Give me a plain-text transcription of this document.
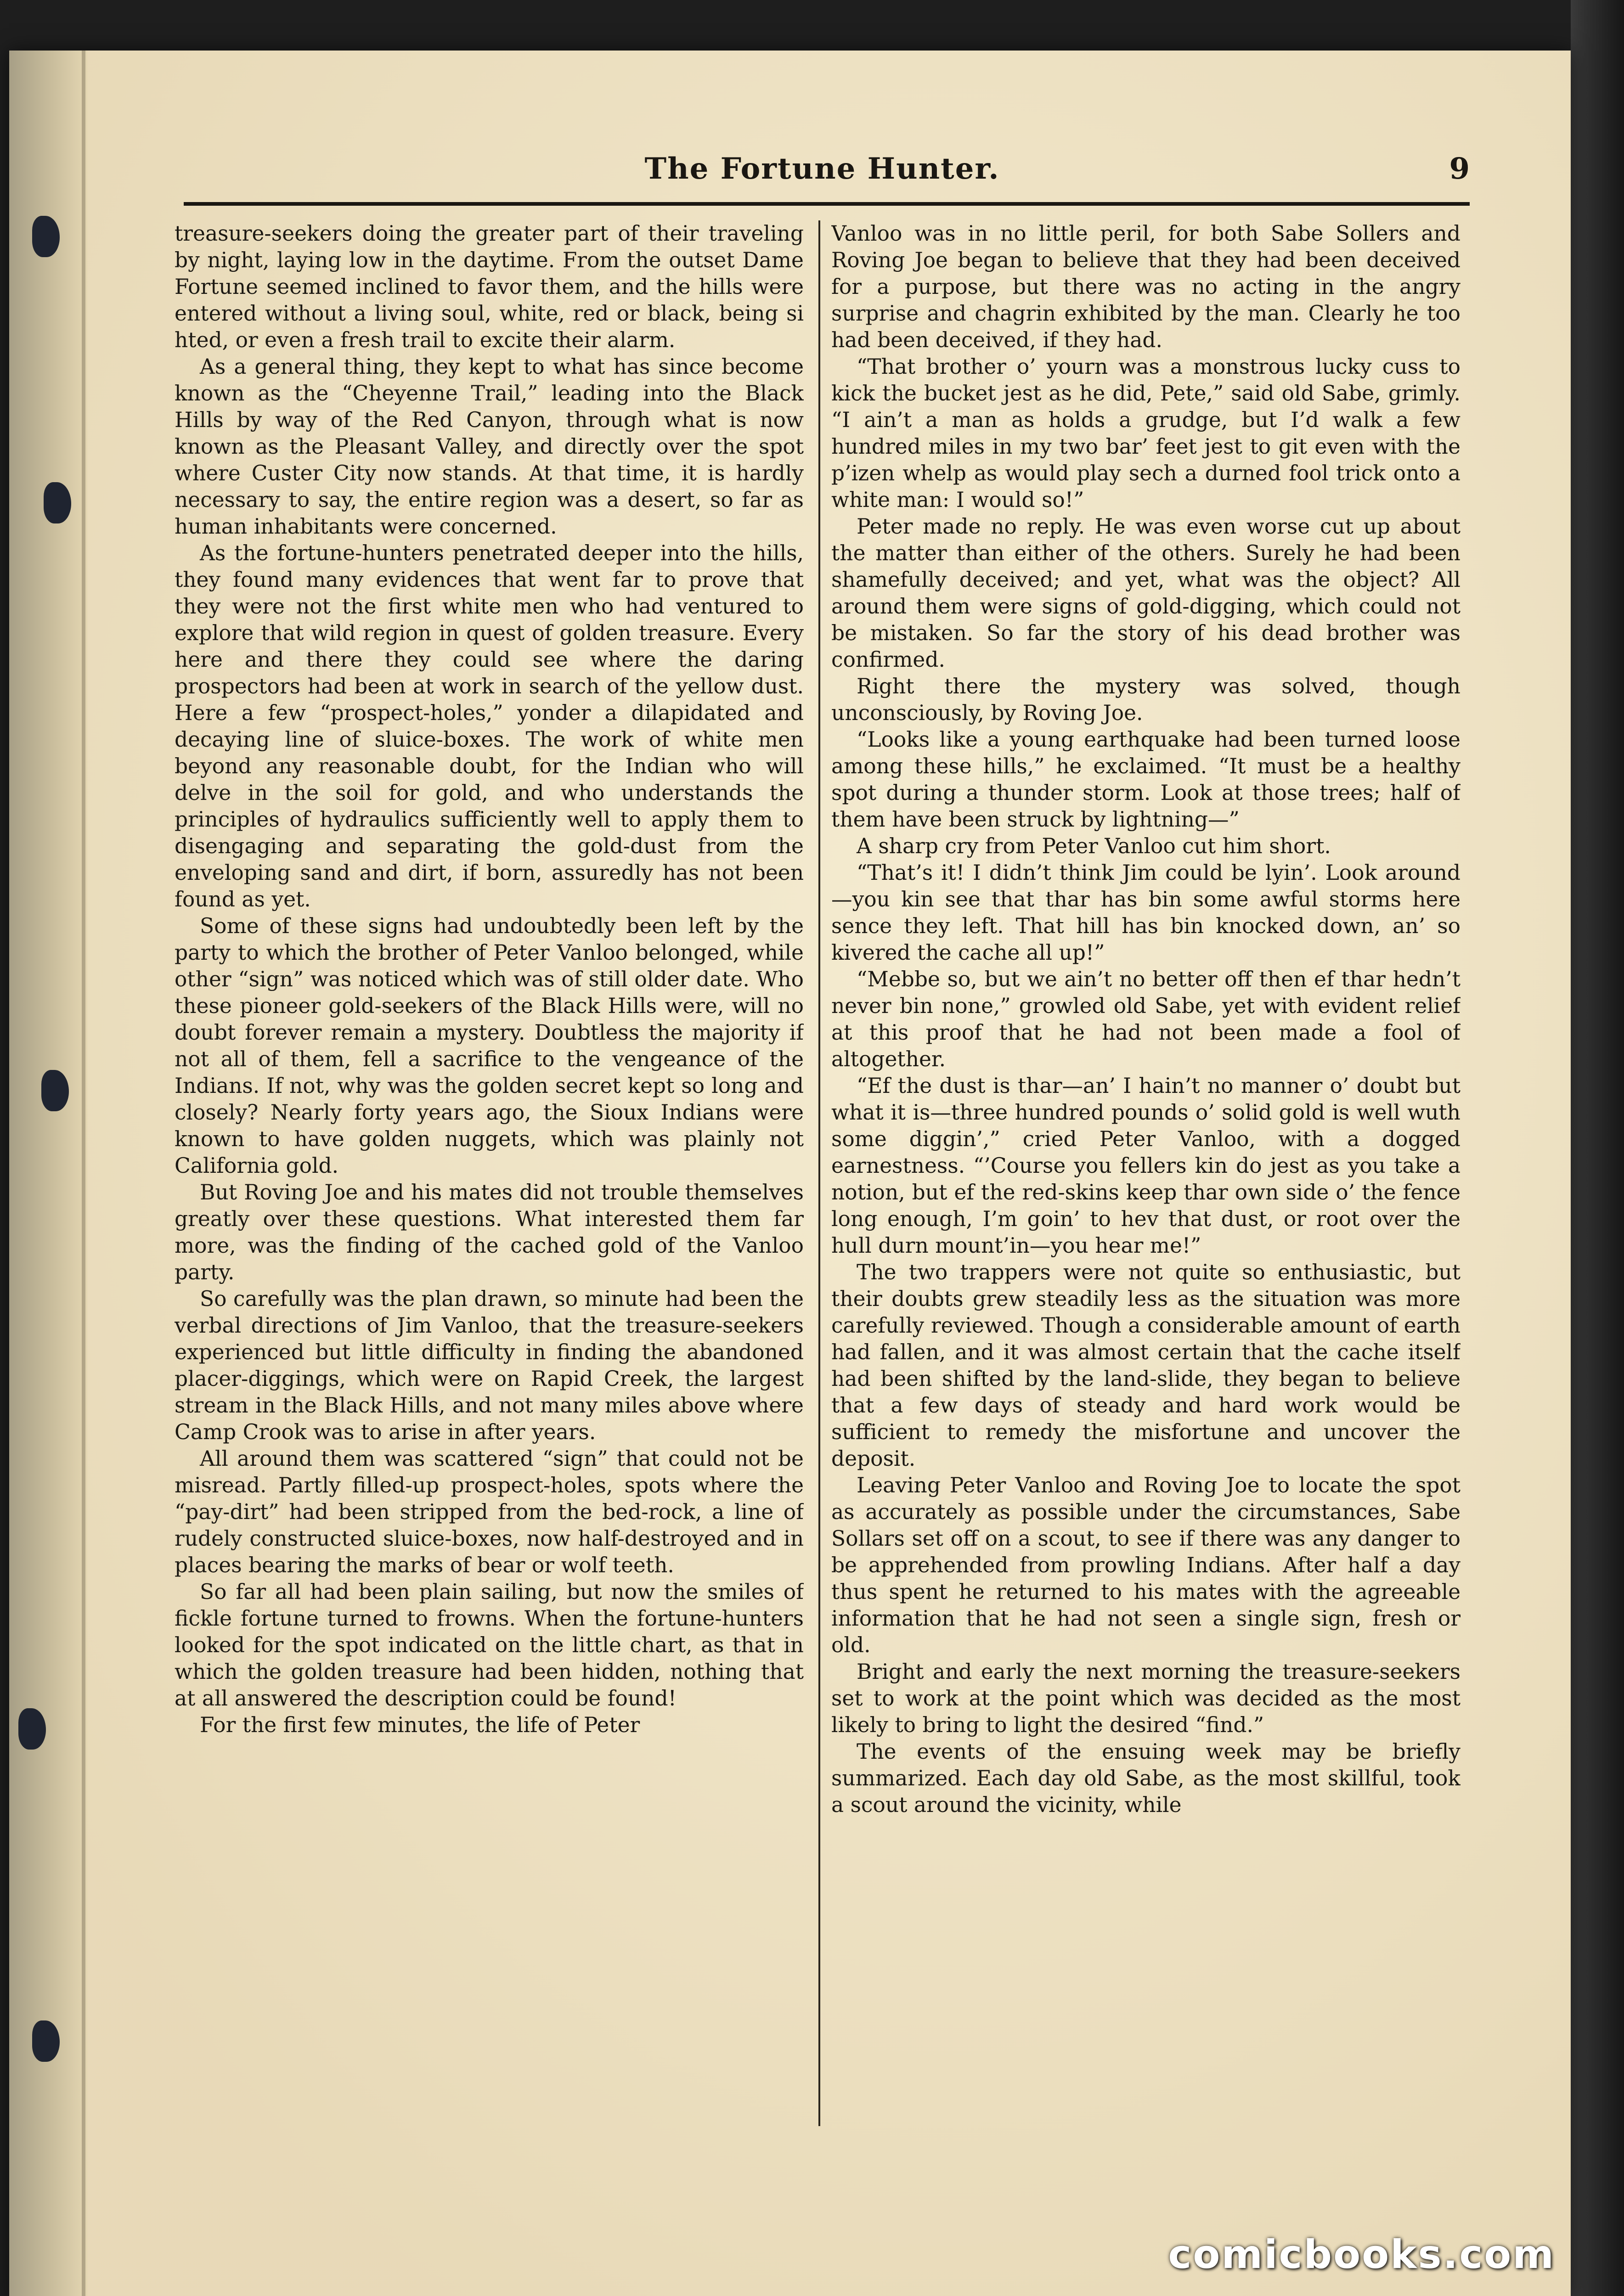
The Fortune Hunter.	9

treasure-seekers doing the greater part of their traveling by night, laying low in the daytime. From the outset Dame Fortune seemed inclined to favor them, and the hills were entered without a living soul, white, red or black, being si hted, or even a fresh trail to excite their alarm.

As a general thing, they kept to what has since become known as the “Cheyenne Trail,” leading into the Black Hills by way of the Red Canyon, through what is now known as the Pleasant Valley, and directly over the spot where Custer City now stands. At that time, it is hardly necessary to say, the entire region was a desert, so far as human inhabitants were concerned.

As the fortune-hunters penetrated deeper into the hills, they found many evidences that went far to prove that they were not the first white men who had ventured to explore that wild region in quest of golden treasure. Every here and there they could see where the daring prospectors had been at work in search of the yellow dust. Here a few “prospect-holes,” yonder a dilapidated and decaying line of sluice-boxes. The work of white men beyond any reasonable doubt, for the Indian who will delve in the soil for gold, and who understands the principles of hydraulics sufficiently well to apply them to disengaging and separating the gold-dust from the enveloping sand and dirt, if born, assuredly has not been found as yet.

Some of these signs had undoubtedly been left by the party to which the brother of Peter Vanloo belonged, while other “sign” was noticed which was of still older date. Who these pioneer gold-seekers of the Black Hills were, will no doubt forever remain a mystery. Doubtless the majority if not all of them, fell a sacrifice to the vengeance of the Indians. If not, why was the golden secret kept so long and closely? Nearly forty years ago, the Sioux Indians were known to have golden nuggets, which was plainly not California gold.

But Roving Joe and his mates did not trouble themselves greatly over these questions. What interested them far more, was the finding of the cached gold of the Vanloo party.

So carefully was the plan drawn, so minute had been the verbal directions of Jim Vanloo, that the treasure-seekers experienced but little difficulty in finding the abandoned placer-diggings, which were on Rapid Creek, the largest stream in the Black Hills, and not many miles above where Camp Crook was to arise in after years.

All around them was scattered “sign” that could not be misread. Partly filled-up prospect-holes, spots where the “pay-dirt” had been stripped from the bed-rock, a line of rudely constructed sluice-boxes, now half-destroyed and in places bearing the marks of bear or wolf teeth.

So far all had been plain sailing, but now the smiles of fickle fortune turned to frowns. When the fortune-hunters looked for the spot indicated on the little chart, as that in which the golden treasure had been hidden, nothing that at all answered the description could be found!

For the first few minutes, the life of Peter

Vanloo was in no little peril, for both Sabe Sollers and Roving Joe began to believe that they had been deceived for a purpose, but there was no acting in the angry surprise and chagrin exhibited by the man. Clearly he too had been deceived, if they had.

“That brother o’ yourn was a monstrous lucky cuss to kick the bucket jest as he did, Pete,” said old Sabe, grimly. “I ain’t a man as holds a grudge, but I’d walk a few hundred miles in my two bar’ feet jest to git even with the p’izen whelp as would play sech a durned fool trick onto a white man: I would so!”

Peter made no reply. He was even worse cut up about the matter than either of the others. Surely he had been shamefully deceived; and yet, what was the object? All around them were signs of gold-digging, which could not be mistaken. So far the story of his dead brother was confirmed.

Right there the mystery was solved, though unconsciously, by Roving Joe.

“Looks like a young earthquake had been turned loose among these hills,” he exclaimed. “It must be a healthy spot during a thunder storm. Look at those trees; half of them have been struck by lightning—”

A sharp cry from Peter Vanloo cut him short.

“That’s it! I didn’t think Jim could be lyin’. Look around—you kin see that thar has bin some awful storms here sence they left. That hill has bin knocked down, an’ so kivered the cache all up!”

“Mebbe so, but we ain’t no better off then ef thar hedn’t never bin none,” growled old Sabe, yet with evident relief at this proof that he had not been made a fool of altogether.

“Ef the dust is thar—an’ I hain’t no manner o’ doubt but what it is—three hundred pounds o’ solid gold is well wuth some diggin’,” cried Peter Vanloo, with a dogged earnestness. “’Course you fellers kin do jest as you take a notion, but ef the red-skins keep thar own side o’ the fence long enough, I’m goin’ to hev that dust, or root over the hull durn mount’in—you hear me!”

The two trappers were not quite so enthusiastic, but their doubts grew steadily less as the situation was more carefully reviewed. Though a considerable amount of earth had fallen, and it was almost certain that the cache itself had been shifted by the land-slide, they began to believe that a few days of steady and hard work would be sufficient to remedy the misfortune and uncover the deposit.

Leaving Peter Vanloo and Roving Joe to locate the spot as accurately as possible under the circumstances, Sabe Sollars set off on a scout, to see if there was any danger to be apprehended from prowling Indians. After half a day thus spent he returned to his mates with the agreeable information that he had not seen a single sign, fresh or old.

Bright and early the next morning the treasure-seekers set to work at the point which was decided as the most likely to bring to light the desired “find.”

The events of the ensuing week may be briefly summarized. Each day old Sabe, as the most skillful, took a scout around the vicinity, while

comicbooks.com
